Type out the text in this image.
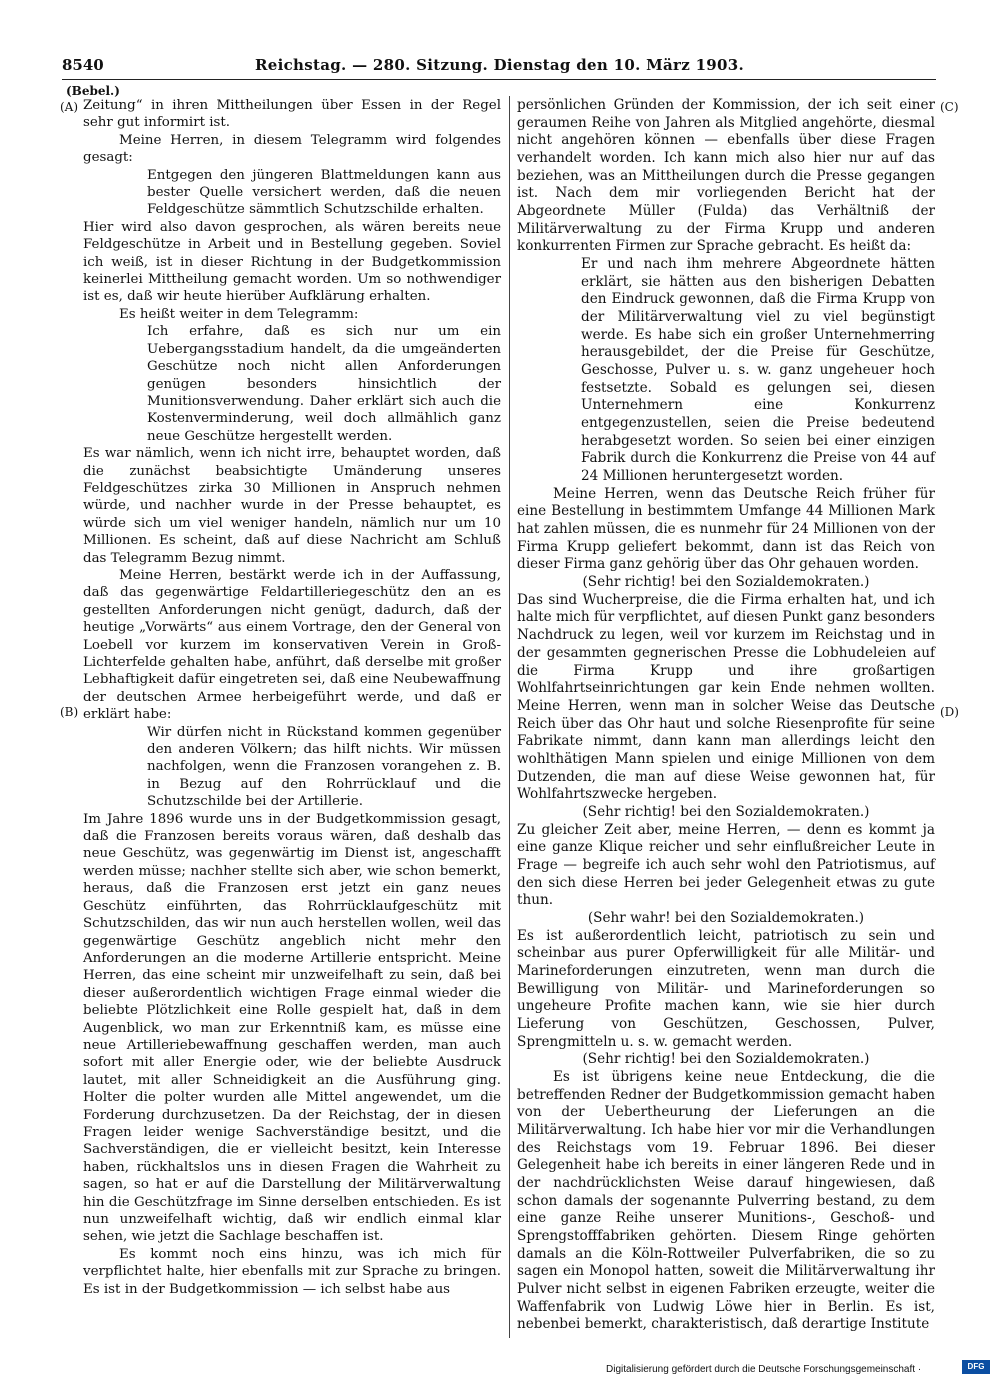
8540	Reichstag. — 280. Sitzung. Dienstag den 10. März 1903.
(Bebel.)
(A)
(B)
(C)
(D)

Zeitung“ in ihren Mittheilungen über Essen in der Regel sehr gut informirt ist.

Meine Herren, in diesem Telegramm wird folgendes gesagt:

Entgegen den jüngeren Blattmeldungen kann aus bester Quelle versichert werden, daß die neuen Feldgeschütze sämmtlich Schutzschilde erhalten.

Hier wird also davon gesprochen, als wären bereits neue Feldgeschütze in Arbeit und in Bestellung gegeben. Soviel ich weiß, ist in dieser Richtung in der Budgetkommission keinerlei Mittheilung gemacht worden. Um so nothwendiger ist es, daß wir heute hierüber Aufklärung erhalten.

Es heißt weiter in dem Telegramm:

Ich erfahre, daß es sich nur um ein Uebergangsstadium handelt, da die umgeänderten Geschütze noch nicht allen Anforderungen genügen besonders hinsichtlich der Munitionsverwendung. Daher erklärt sich auch die Kostenverminderung, weil doch allmählich ganz neue Geschütze hergestellt werden.

Es war nämlich, wenn ich nicht irre, behauptet worden, daß die zunächst beabsichtigte Umänderung unseres Feldgeschützes zirka 30 Millionen in Anspruch nehmen würde, und nachher wurde in der Presse behauptet, es würde sich um viel weniger handeln, nämlich nur um 10 Millionen. Es scheint, daß auf diese Nachricht am Schluß das Telegramm Bezug nimmt.

Meine Herren, bestärkt werde ich in der Auffassung, daß das gegenwärtige Feldartilleriegeschütz den an es gestellten Anforderungen nicht genügt, dadurch, daß der heutige „Vorwärts“ aus einem Vortrage, den der General von Loebell vor kurzem im konservativen Verein in Groß-Lichterfelde gehalten habe, anführt, daß derselbe mit großer Lebhaftigkeit dafür eingetreten sei, daß eine Neubewaffnung der deutschen Armee herbeigeführt werde, und daß er erklärt habe:

Wir dürfen nicht in Rückstand kommen gegenüber den anderen Völkern; das hilft nichts. Wir müssen nachfolgen, wenn die Franzosen vorangehen z. B. in Bezug auf den Rohrrücklauf und die Schutzschilde bei der Artillerie.

Im Jahre 1896 wurde uns in der Budgetkommission gesagt, daß die Franzosen bereits voraus wären, daß deshalb das neue Geschütz, was gegenwärtig im Dienst ist, angeschafft werden müsse; nachher stellte sich aber, wie schon bemerkt, heraus, daß die Franzosen erst jetzt ein ganz neues Geschütz einführten, das Rohrrücklaufgeschütz mit Schutzschilden, das wir nun auch herstellen wollen, weil das gegenwärtige Geschütz angeblich nicht mehr den Anforderungen an die moderne Artillerie entspricht. Meine Herren, das eine scheint mir unzweifelhaft zu sein, daß bei dieser außerordentlich wichtigen Frage einmal wieder die beliebte Plötzlichkeit eine Rolle gespielt hat, daß in dem Augenblick, wo man zur Erkenntniß kam, es müsse eine neue Artilleriebewaffnung geschaffen werden, man auch sofort mit aller Energie oder, wie der beliebte Ausdruck lautet, mit aller Schneidigkeit an die Ausführung ging. Holter die polter wurden alle Mittel angewendet, um die Forderung durchzusetzen. Da der Reichstag, der in diesen Fragen leider wenige Sachverständige besitzt, und die Sachverständigen, die er vielleicht besitzt, kein Interesse haben, rückhaltslos uns in diesen Fragen die Wahrheit zu sagen, so hat er auf die Darstellung der Militärverwaltung hin die Geschützfrage im Sinne derselben entschieden. Es ist nun unzweifelhaft wichtig, daß wir endlich einmal klar sehen, wie jetzt die Sachlage beschaffen ist.

Es kommt noch eins hinzu, was ich mich für verpflichtet halte, hier ebenfalls mit zur Sprache zu bringen. Es ist in der Budgetkommission — ich selbst habe aus

persönlichen Gründen der Kommission, der ich seit einer geraumen Reihe von Jahren als Mitglied angehörte, diesmal nicht angehören können — ebenfalls über diese Fragen verhandelt worden. Ich kann mich also hier nur auf das beziehen, was an Mittheilungen durch die Presse gegangen ist. Nach dem mir vorliegenden Bericht hat der Abgeordnete Müller (Fulda) das Verhältniß der Militärverwaltung zu der Firma Krupp und anderen konkurrenten Firmen zur Sprache gebracht. Es heißt da:

Er und nach ihm mehrere Abgeordnete hätten erklärt, sie hätten aus den bisherigen Debatten den Eindruck gewonnen, daß die Firma Krupp von der Militärverwaltung viel zu viel begünstigt werde. Es habe sich ein großer Unternehmerring herausgebildet, der die Preise für Geschütze, Geschosse, Pulver u. s. w. ganz ungeheuer hoch festsetzte. Sobald es gelungen sei, diesen Unternehmern eine Konkurrenz entgegenzustellen, seien die Preise bedeutend herabgesetzt worden. So seien bei einer einzigen Fabrik durch die Konkurrenz die Preise von 44 auf 24 Millionen heruntergesetzt worden.

Meine Herren, wenn das Deutsche Reich früher für eine Bestellung in bestimmtem Umfange 44 Millionen Mark hat zahlen müssen, die es nunmehr für 24 Millionen von der Firma Krupp geliefert bekommt, dann ist das Reich von dieser Firma ganz gehörig über das Ohr gehauen worden.

(Sehr richtig! bei den Sozialdemokraten.)

Das sind Wucherpreise, die die Firma erhalten hat, und ich halte mich für verpflichtet, auf diesen Punkt ganz besonders Nachdruck zu legen, weil vor kurzem im Reichstag und in der gesammten gegnerischen Presse die Lobhudeleien auf die Firma Krupp und ihre großartigen Wohlfahrtseinrichtungen gar kein Ende nehmen wollten. Meine Herren, wenn man in solcher Weise das Deutsche Reich über das Ohr haut und solche Riesenprofite für seine Fabrikate nimmt, dann kann man allerdings leicht den wohlthätigen Mann spielen und einige Millionen von dem Dutzenden, die man auf diese Weise gewonnen hat, für Wohlfahrtszwecke hergeben.

(Sehr richtig! bei den Sozialdemokraten.)

Zu gleicher Zeit aber, meine Herren, — denn es kommt ja eine ganze Klique reicher und sehr einflußreicher Leute in Frage — begreife ich auch sehr wohl den Patriotismus, auf den sich diese Herren bei jeder Gelegenheit etwas zu gute thun.

(Sehr wahr! bei den Sozialdemokraten.)

Es ist außerordentlich leicht, patriotisch zu sein und scheinbar aus purer Opferwilligkeit für alle Militär- und Marineforderungen einzutreten, wenn man durch die Bewilligung von Militär- und Marineforderungen so ungeheure Profite machen kann, wie sie hier durch Lieferung von Geschützen, Geschossen, Pulver, Sprengmitteln u. s. w. gemacht werden.

(Sehr richtig! bei den Sozialdemokraten.)

Es ist übrigens keine neue Entdeckung, die die betreffenden Redner der Budgetkommission gemacht haben von der Uebertheurung der Lieferungen an die Militärverwaltung. Ich habe hier vor mir die Verhandlungen des Reichstags vom 19. Februar 1896. Bei dieser Gelegenheit habe ich bereits in einer längeren Rede und in der nachdrücklichsten Weise darauf hingewiesen, daß schon damals der sogenannte Pulverring bestand, zu dem eine ganze Reihe unserer Munitions-, Geschoß- und Sprengstofffabriken gehörten. Diesem Ringe gehörten damals an die Köln-Rottweiler Pulverfabriken, die so zu sagen ein Monopol hatten, soweit die Militärverwaltung ihr Pulver nicht selbst in eigenen Fabriken erzeugte, weiter die Waffenfabrik von Ludwig Löwe hier in Berlin. Es ist, nebenbei bemerkt, charakteristisch, daß derartige Institute

Digitalisierung gefördert durch die Deutsche Forschungsgemeinschaft ·	DFG
